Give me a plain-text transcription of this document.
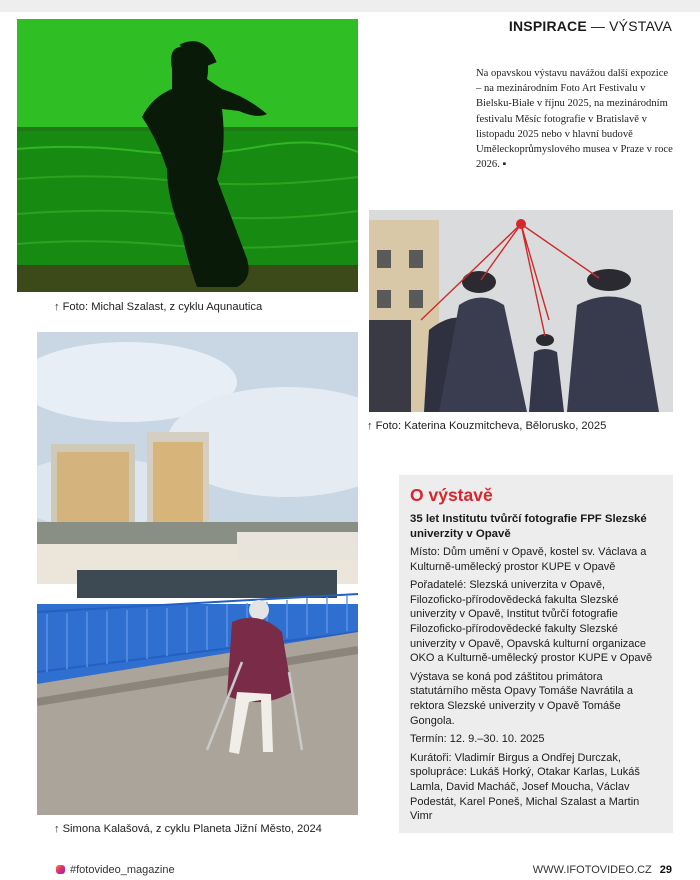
INSPIRACE — VÝSTAVA
↑ Foto: Michal Szalast, z cyklu Aqunautica
Na opavskou výstavu navážou další expozice – na mezinárodním Foto Art Festivalu v Bielsku-Białe v říjnu 2025, na mezinárodním festivalu Měsíc fotografie v Bratislavě v listopadu 2025 nebo v hlavní budově Uměleckoprůmyslového musea v Praze v roce 2026. ▪
↑ Foto: Katerina Kouzmitcheva, Bělorusko, 2025
↑ Simona Kalašová, z cyklu Planeta Jižní Město, 2024
O výstavě
35 let Institutu tvůrčí fotografie FPF Slezské univerzity v Opavě

Místo: Dům umění v Opavě, kostel sv. Václava a Kulturně-umělecký prostor KUPE v Opavě

Pořadatelé: Slezská univerzita v Opavě, Filozoficko-přírodovědecká fakulta Slezské univerzity v Opavě, Institut tvůrčí fotografie Filozoficko-přírodovědecké fakulty Slezské univerzity v Opavě, Opavská kulturní organizace OKO a Kulturně-umělecký prostor KUPE v Opavě

Výstava se koná pod záštitou primátora statutárního města Opavy Tomáše Navrátila a rektora Slezské univerzity v Opavě Tomáše Gongola.

Termín: 12. 9.–30. 10. 2025

Kurátoři: Vladimír Birgus a Ondřej Durczak, spolupráce: Lukáš Horký, Otakar Karlas, Lukáš Lamla, David Macháč, Josef Moucha, Václav Podestát, Karel Poneš, Michal Szalast a Martin Vimr

#fotovideo_magazine	WWW.IFOTOVIDEO.CZ 29
